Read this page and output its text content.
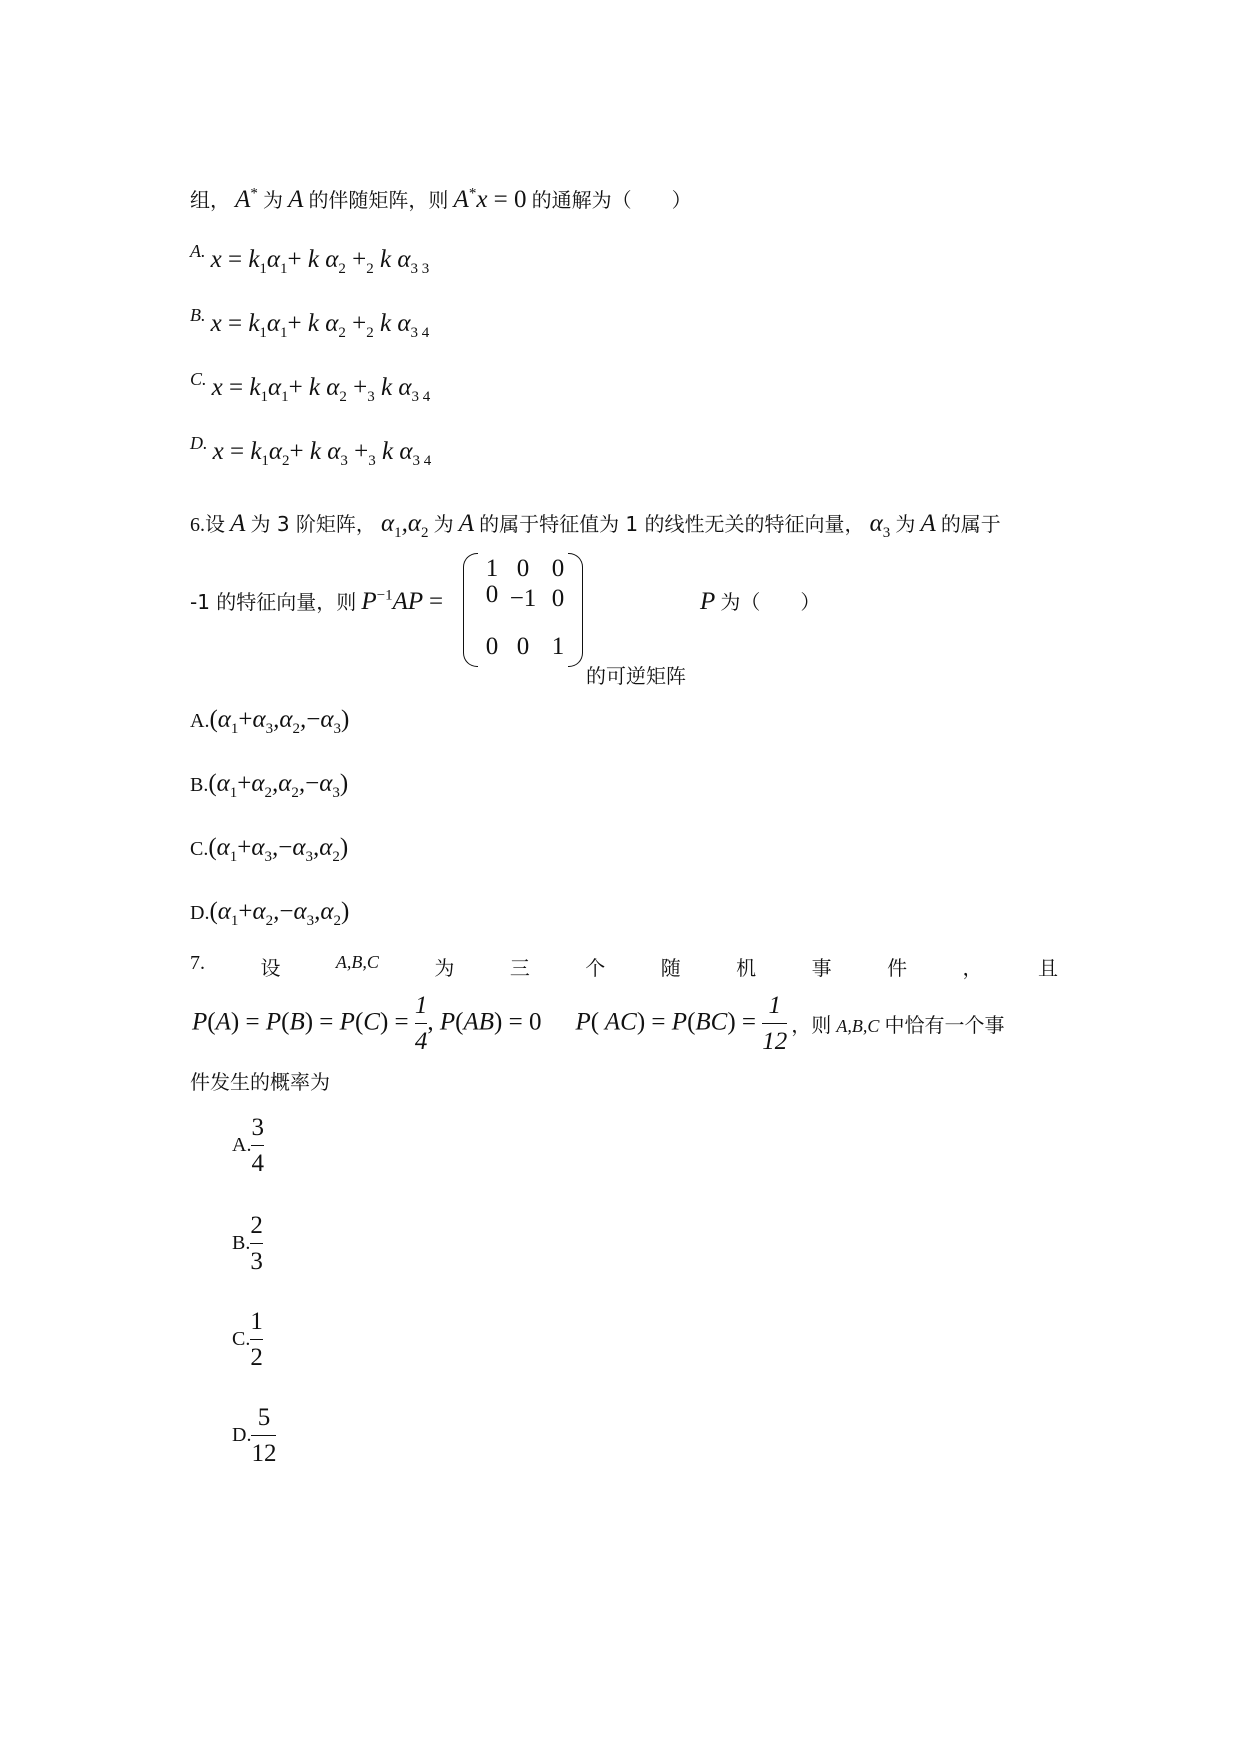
组， A* 为 A 的伴随矩阵，则 A*x = 0 的通解为（　　）
A. $x = k_1\alpha_1+ k$ $\alpha_2 +_2$ k $\alpha_{3 3}$
B. $x = k_1\alpha_1+ k$ $\alpha_2 +_2$ k $\alpha_{3 4}$
C. $x = k_1\alpha_1+ k$ $\alpha_2 +_3$ k $\alpha_{3 4}$
D. $x = k_1\alpha_2+ k$ $\alpha_3 +_3$ k $\alpha_{3 4}$
6.设 A 为 3 阶矩阵， $\alpha_1,\alpha_2$ 为 A 的属于特征值为 1 的线性无关的特征向量， $\alpha_3$ 为 A 的属于
-1 的特征向量，则 $P^{-1}AP$ =
1 0 0
0 −1 0
0 0 1
P 为（　　）
的可逆矩阵
$A.(\alpha_1+\alpha_3,\alpha_2,-\alpha_3)$
$B.(\alpha_1+\alpha_2,\alpha_2,-\alpha_3)$
$C.(\alpha_1+\alpha_3,-\alpha_3,\alpha_2)$
$D.(\alpha_1+\alpha_2,-\alpha_3,\alpha_2)$
7.	设	A,B,C	为	三	个	随	机	事	件	，	且
$P(A) = P(B) = P(C) = \frac{1}{4}$ , P(AB) = 0 P( $AC) = P(BC) = \frac{1}{12}$ ，则 A,B,C 中恰有一个事
件发生的概率为
A. $\frac{3}{4}$
B. $\frac{2}{3}$
C. $\frac{1}{2}$
D. $\frac{5}{12}$
